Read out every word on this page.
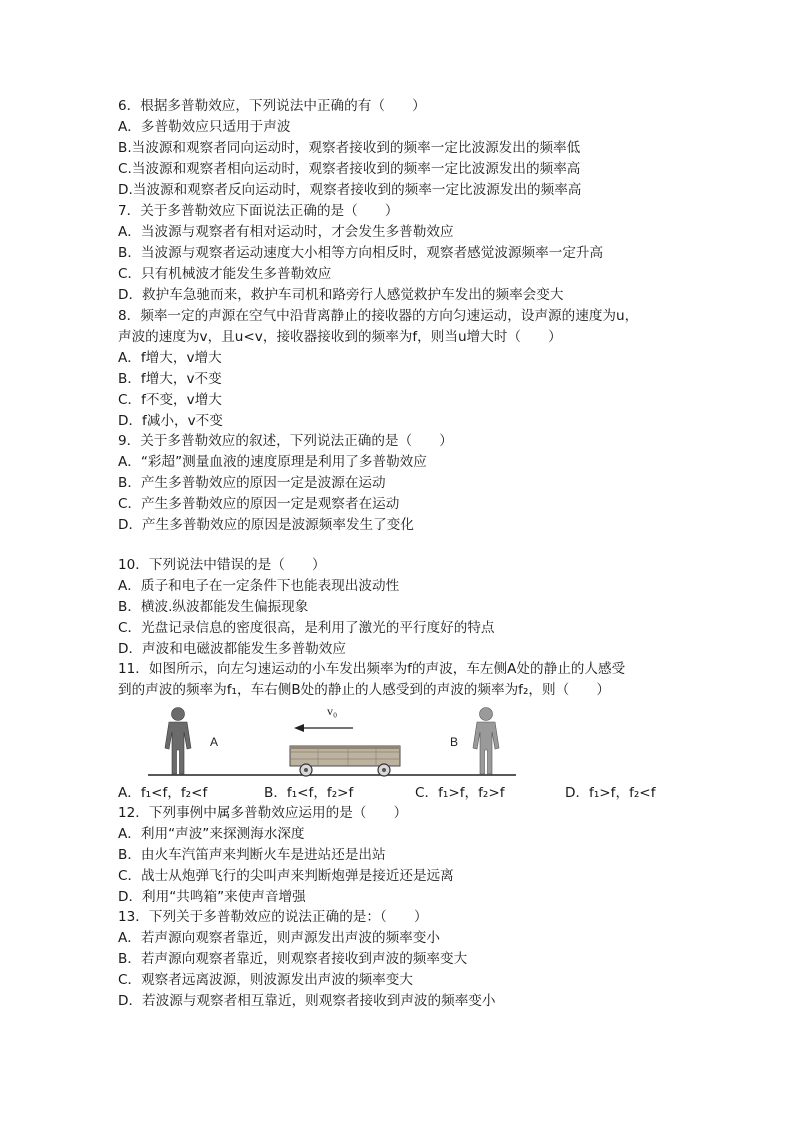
6．根据多普勒效应，下列说法中正确的有（　　）
A．多普勒效应只适用于声波
B.当波源和观察者同向运动时，观察者接收到的频率一定比波源发出的频率低
C.当波源和观察者相向运动时，观察者接收到的频率一定比波源发出的频率高
D.当波源和观察者反向运动时，观察者接收到的频率一定比波源发出的频率高
7．关于多普勒效应下面说法正确的是（　　）
A．当波源与观察者有相对运动时，才会发生多普勒效应
B．当波源与观察者运动速度大小相等方向相反时，观察者感觉波源频率一定升高
C．只有机械波才能发生多普勒效应
D．救护车急驰而来，救护车司机和路旁行人感觉救护车发出的频率会变大
8．频率一定的声源在空气中沿背离静止的接收器的方向匀速运动，设声源的速度为u，
声波的速度为v，且u<v，接收器接收到的频率为f，则当u增大时（　　）
A．f增大，v增大
B．f增大，v不变
C．f不变，v增大
D．f减小，v不变
9．关于多普勒效应的叙述，下列说法正确的是（　　）
A．“彩超”测量血液的速度原理是利用了多普勒效应
B．产生多普勒效应的原因一定是波源在运动
C．产生多普勒效应的原因一定是观察者在运动
D．产生多普勒效应的原因是波源频率发生了变化
10．下列说法中错误的是（　　）
A．质子和电子在一定条件下也能表现出波动性
B．横波.纵波都能发生偏振现象
C．光盘记录信息的密度很高，是利用了激光的平行度好的特点
D．声波和电磁波都能发生多普勒效应
11．如图所示，向左匀速运动的小车发出频率为f的声波，车左侧A处的静止的人感受
到的声波的频率为f₁，车右侧B处的静止的人感受到的声波的频率为f₂，则（　　）
A
v₀
B
A．f₁<f，f₂<f	B．f₁<f，f₂>f	C．f₁>f，f₂>f	D．f₁>f，f₂<f
12．下列事例中属多普勒效应运用的是（　　）
A．利用“声波”来探测海水深度
B．由火车汽笛声来判断火车是进站还是出站
C．战士从炮弹飞行的尖叫声来判断炮弹是接近还是远离
D．利用“共鸣箱”来使声音增强
13．下列关于多普勒效应的说法正确的是：（　　）
A．若声源向观察者靠近，则声源发出声波的频率变小
B．若声源向观察者靠近，则观察者接收到声波的频率变大
C．观察者远离波源，则波源发出声波的频率变大
D．若波源与观察者相互靠近，则观察者接收到声波的频率变小
